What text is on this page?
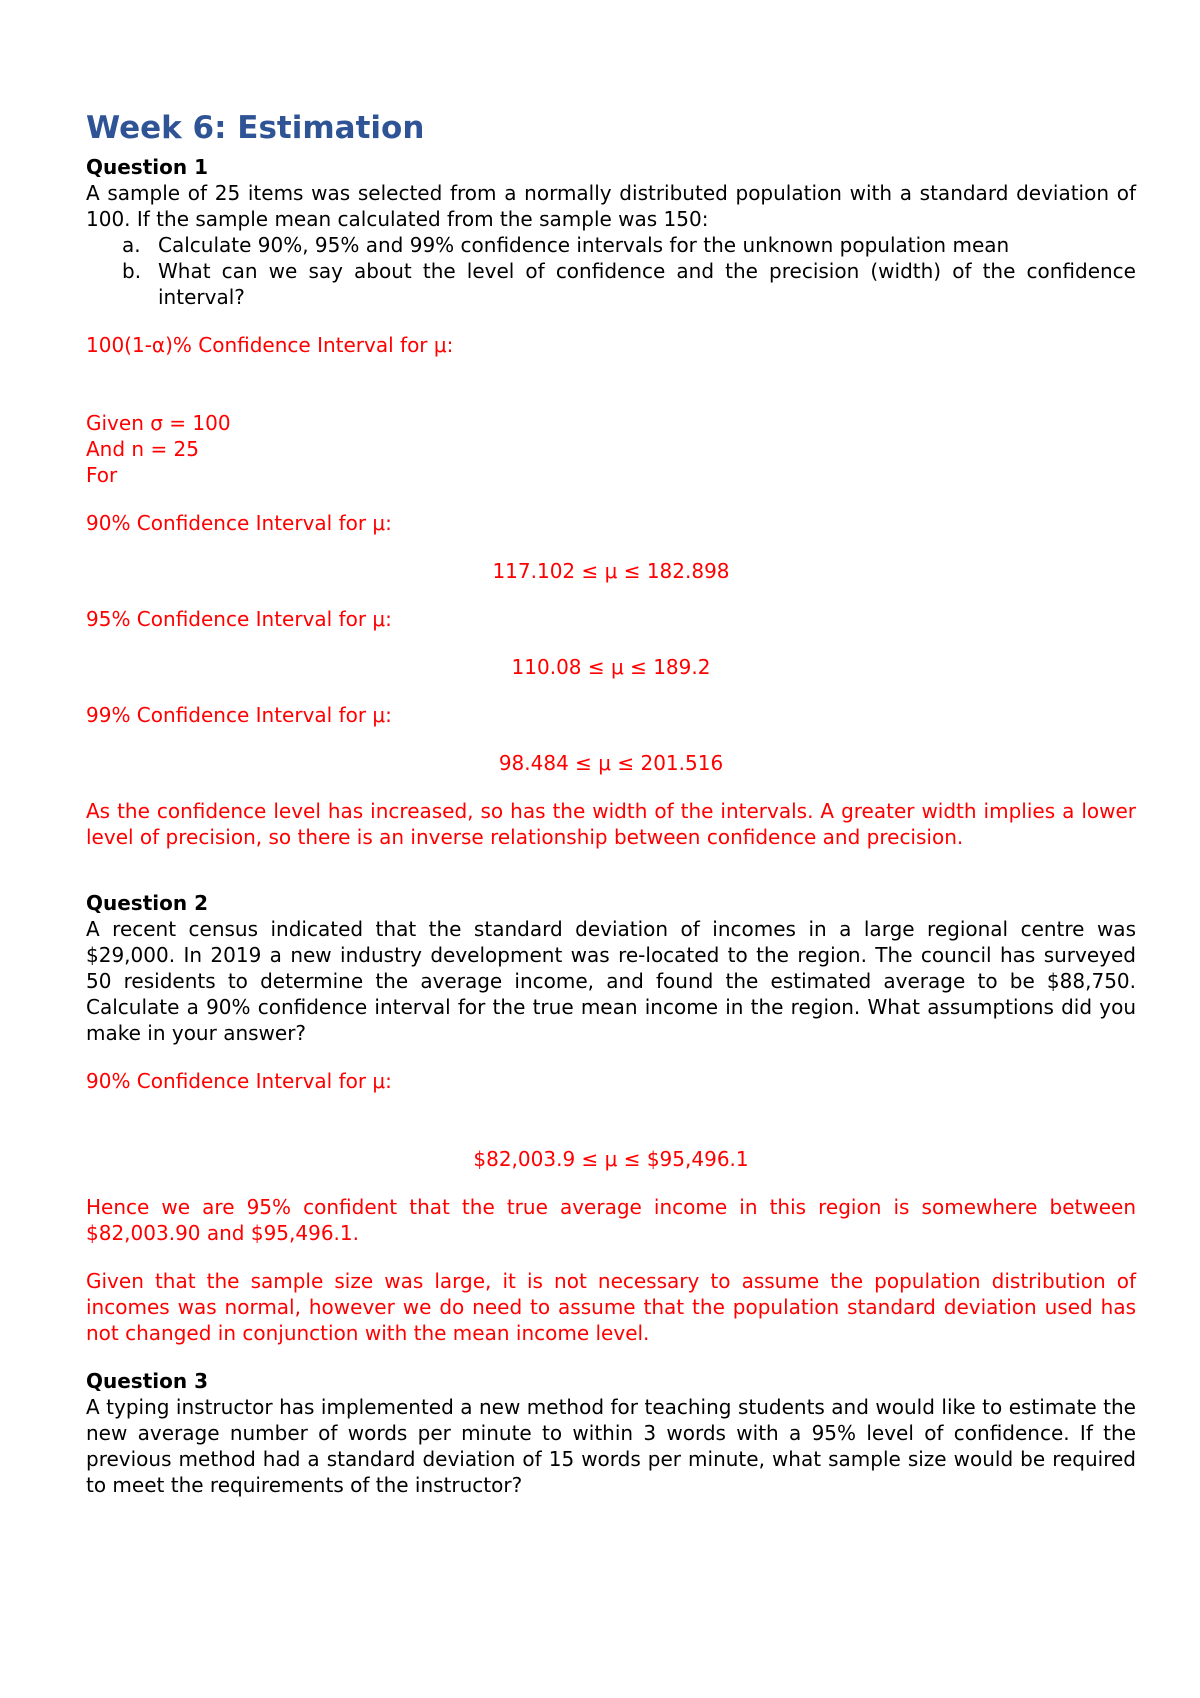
Week 6: Estimation
Question 1

A sample of 25 items was selected from a normally distributed population with a standard deviation of 100. If the sample mean calculated from the sample was 150:

a. Calculate 90%, 95% and 99% confidence intervals for the unknown population mean
b. What can we say about the level of confidence and the precision (width) of the confidence interval?

100(1-α)% Confidence Interval for μ:

Given σ = 100

And n = 25

For

90% Confidence Interval for μ:

117.102 ≤ μ ≤ 182.898

95% Confidence Interval for μ:

110.08 ≤ μ ≤ 189.2

99% Confidence Interval for μ:

98.484 ≤ μ ≤ 201.516

As the confidence level has increased, so has the width of the intervals. A greater width implies a lower level of precision, so there is an inverse relationship between confidence and precision.

Question 2

A recent census indicated that the standard deviation of incomes in a large regional centre was $29,000. In 2019 a new industry development was re-located to the region. The council has surveyed 50 residents to determine the average income, and found the estimated average to be $88,750. Calculate a 90% confidence interval for the true mean income in the region. What assumptions did you make in your answer?

90% Confidence Interval for μ:

$82,003.9 ≤ μ ≤ $95,496.1

Hence we are 95% confident that the true average income in this region is somewhere between $82,003.90 and $95,496.1.

Given that the sample size was large, it is not necessary to assume the population distribution of incomes was normal, however we do need to assume that the population standard deviation used has not changed in conjunction with the mean income level.

Question 3

A typing instructor has implemented a new method for teaching students and would like to estimate the new average number of words per minute to within 3 words with a 95% level of confidence. If the previous method had a standard deviation of 15 words per minute, what sample size would be required to meet the requirements of the instructor?
